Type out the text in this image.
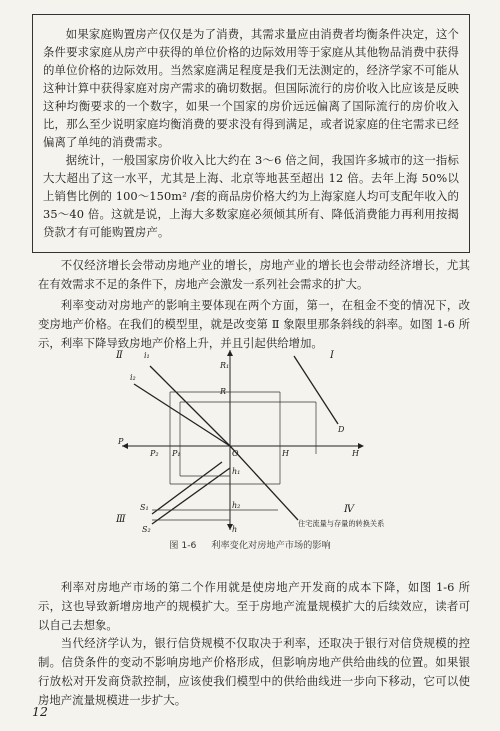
如果家庭购置房产仅仅是为了消费，其需求量应由消费者均衡条件决定，这个条件要求家庭从房产中获得的单位价格的边际效用等于家庭从其他物品消费中获得的单位价格的边际效用。当然家庭满足程度是我们无法测定的，经济学家不可能从这种计算中获得家庭对房产需求的确切数据。但国际流行的房价收入比应该是反映这种均衡要求的一个数字，如果一个国家的房价远远偏离了国际流行的房价收入比，那么至少说明家庭均衡消费的要求没有得到满足，或者说家庭的住宅需求已经偏离了单纯的消费需求。

据统计，一般国家房价收入比大约在 3～6 倍之间，我国许多城市的这一指标大大超出了这一水平，尤其是上海、北京等地甚至超出 12 倍。去年上海 50%以上销售比例的 100～150m² /套的商品房价格大约为上海家庭人均可支配年收入的 35～40 倍。这就是说，上海大多数家庭必须倾其所有、降低消费能力再利用按揭贷款才有可能购置房产。

不仅经济增长会带动房地产业的增长，房地产业的增长也会带动经济增长，尤其在有效需求不足的条件下，房地产会激发一系列社会需求的扩大。

利率变动对房地产的影响主要体现在两个方面，第一，在租金不变的情况下，改变房地产价格。在我们的模型里，就是改变第 Ⅱ 象限里那条斜线的斜率。如图 1-6 所示，利率下降导致房地产价格上升，并且引起供给增加。

Ⅰ
Ⅱ
Ⅲ
Ⅳ
i₁
i₂
R₁
R
D
P
P₂ P₁	O	H	H
h₁
h₂
h
S₁
S₂
住宅流量与存量的转换关系
图 1-6 利率变化对房地产市场的影响

利率对房地产市场的第二个作用就是使房地产开发商的成本下降，如图 1-6 所示，这也导致新增房地产的规模扩大。至于房地产流量规模扩大的后续效应，读者可以自己去想象。

当代经济学认为，银行信贷规模不仅取决于利率，还取决于银行对信贷规模的控制。信贷条件的变动不影响房地产价格形成，但影响房地产供给曲线的位置。如果银行放松对开发商贷款控制，应该使我们模型中的供给曲线进一步向下移动，它可以使房地产流量规模进一步扩大。

12
